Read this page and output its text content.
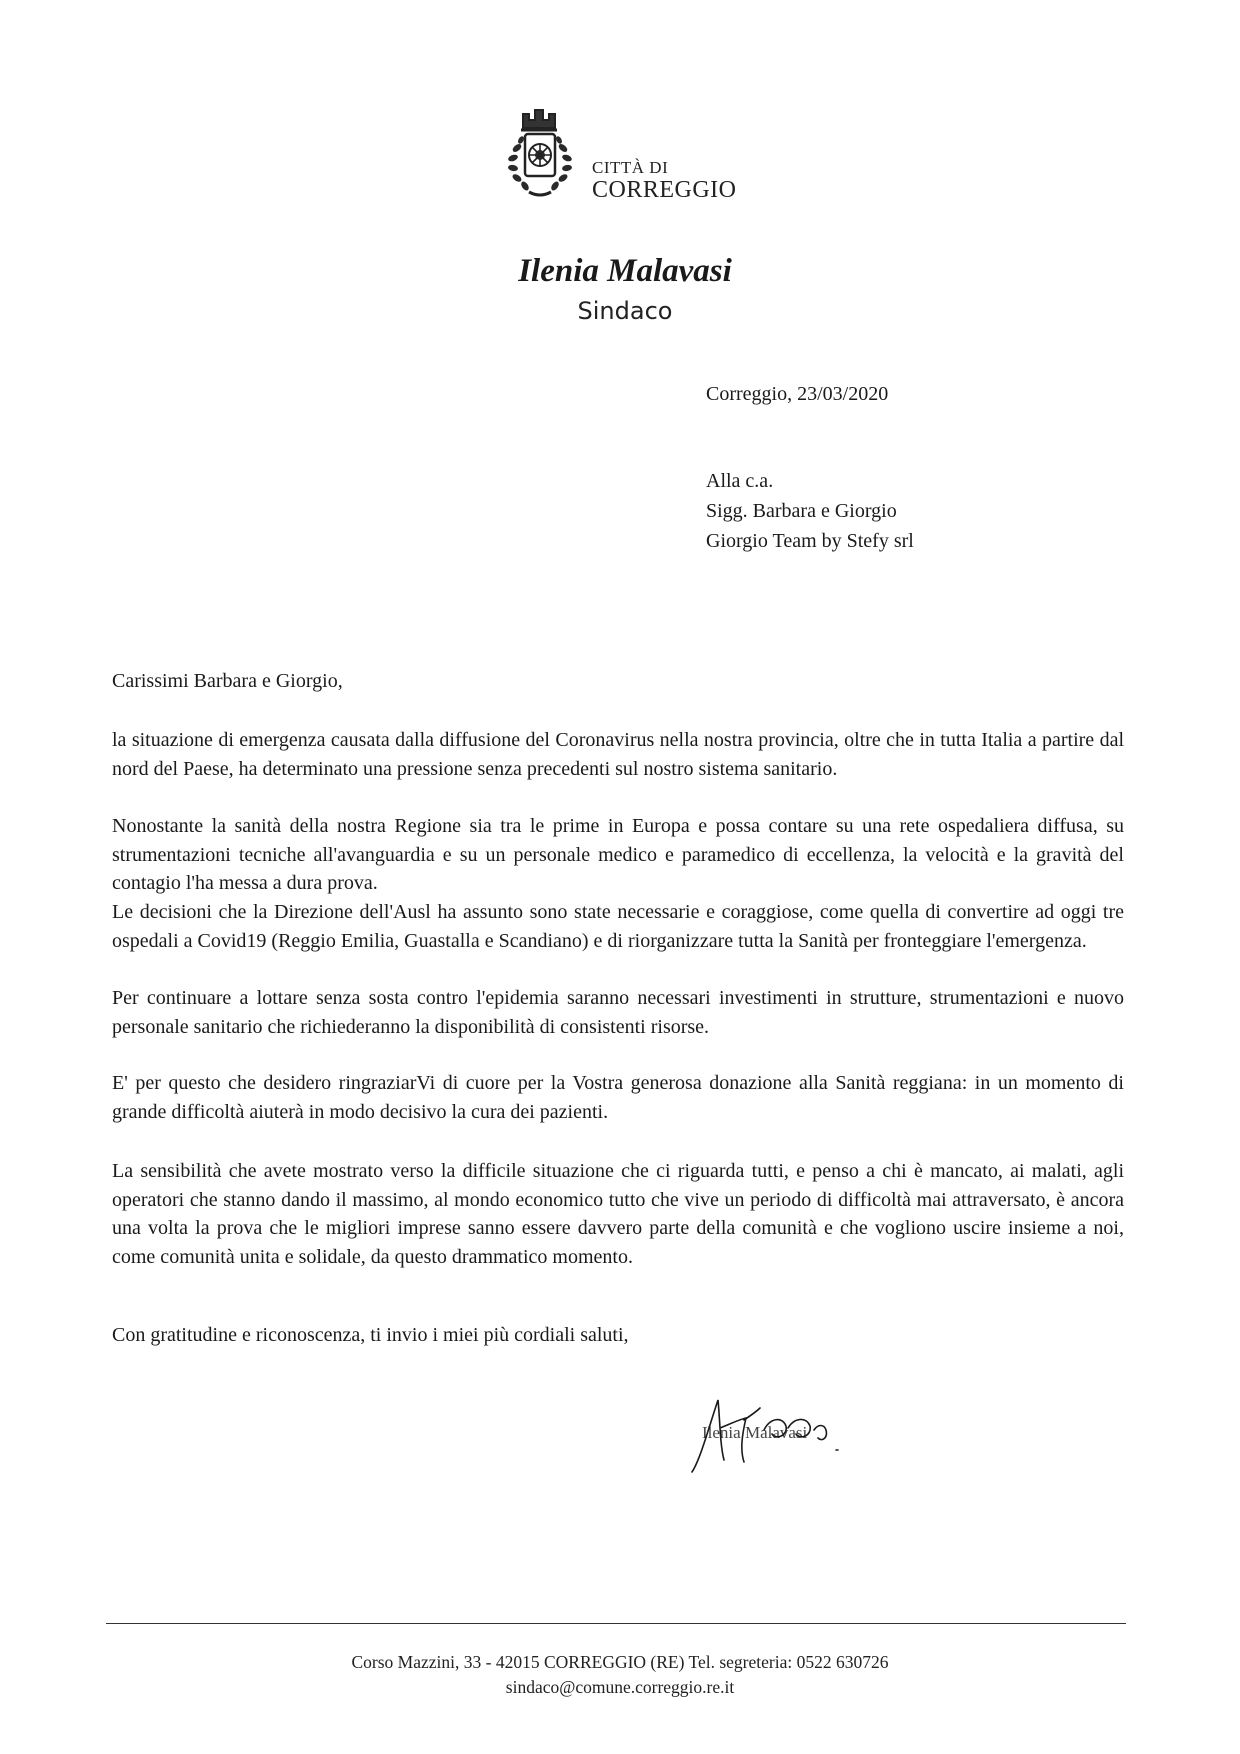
CITTÀ DI
CORREGGIO
Ilenia Malavasi
Sindaco
Correggio, 23/03/2020
Alla c.a.
Sigg. Barbara e Giorgio
Giorgio Team by Stefy srl
Carissimi Barbara e Giorgio,

la situazione di emergenza causata dalla diffusione del Coronavirus nella nostra provincia, oltre che in tutta Italia a partire dal nord del Paese, ha determinato una pressione senza precedenti sul nostro sistema sanitario.

Nonostante la sanità della nostra Regione sia tra le prime in Europa e possa contare su una rete ospedaliera diffusa, su strumentazioni tecniche all'avanguardia e su un personale medico e paramedico di eccellenza, la velocità e la gravità del contagio l'ha messa a dura prova.

Le decisioni che la Direzione dell'Ausl ha assunto sono state necessarie e coraggiose, come quella di convertire ad oggi tre ospedali a Covid19 (Reggio Emilia, Guastalla e Scandiano) e di riorganizzare tutta la Sanità per fronteggiare l'emergenza.

Per continuare a lottare senza sosta contro l'epidemia saranno necessari investimenti in strutture, strumentazioni e nuovo personale sanitario che richiederanno la disponibilità di consistenti risorse.

E' per questo che desidero ringraziarVi di cuore per la Vostra generosa donazione alla Sanità reggiana: in un momento di grande difficoltà aiuterà in modo decisivo la cura dei pazienti.

La sensibilità che avete mostrato verso la difficile situazione che ci riguarda tutti, e penso a chi è mancato, ai malati, agli operatori che stanno dando il massimo, al mondo economico tutto che vive un periodo di difficoltà mai attraversato, è ancora una volta la prova che le migliori imprese sanno essere davvero parte della comunità e che vogliono uscire insieme a noi, come comunità unita e solidale, da questo drammatico momento.

Con gratitudine e riconoscenza, ti invio i miei più cordiali saluti,

Ilenia Malavasi
Corso Mazzini, 33 - 42015 CORREGGIO (RE) Tel. segreteria: 0522 630726
sindaco@comune.correggio.re.it
